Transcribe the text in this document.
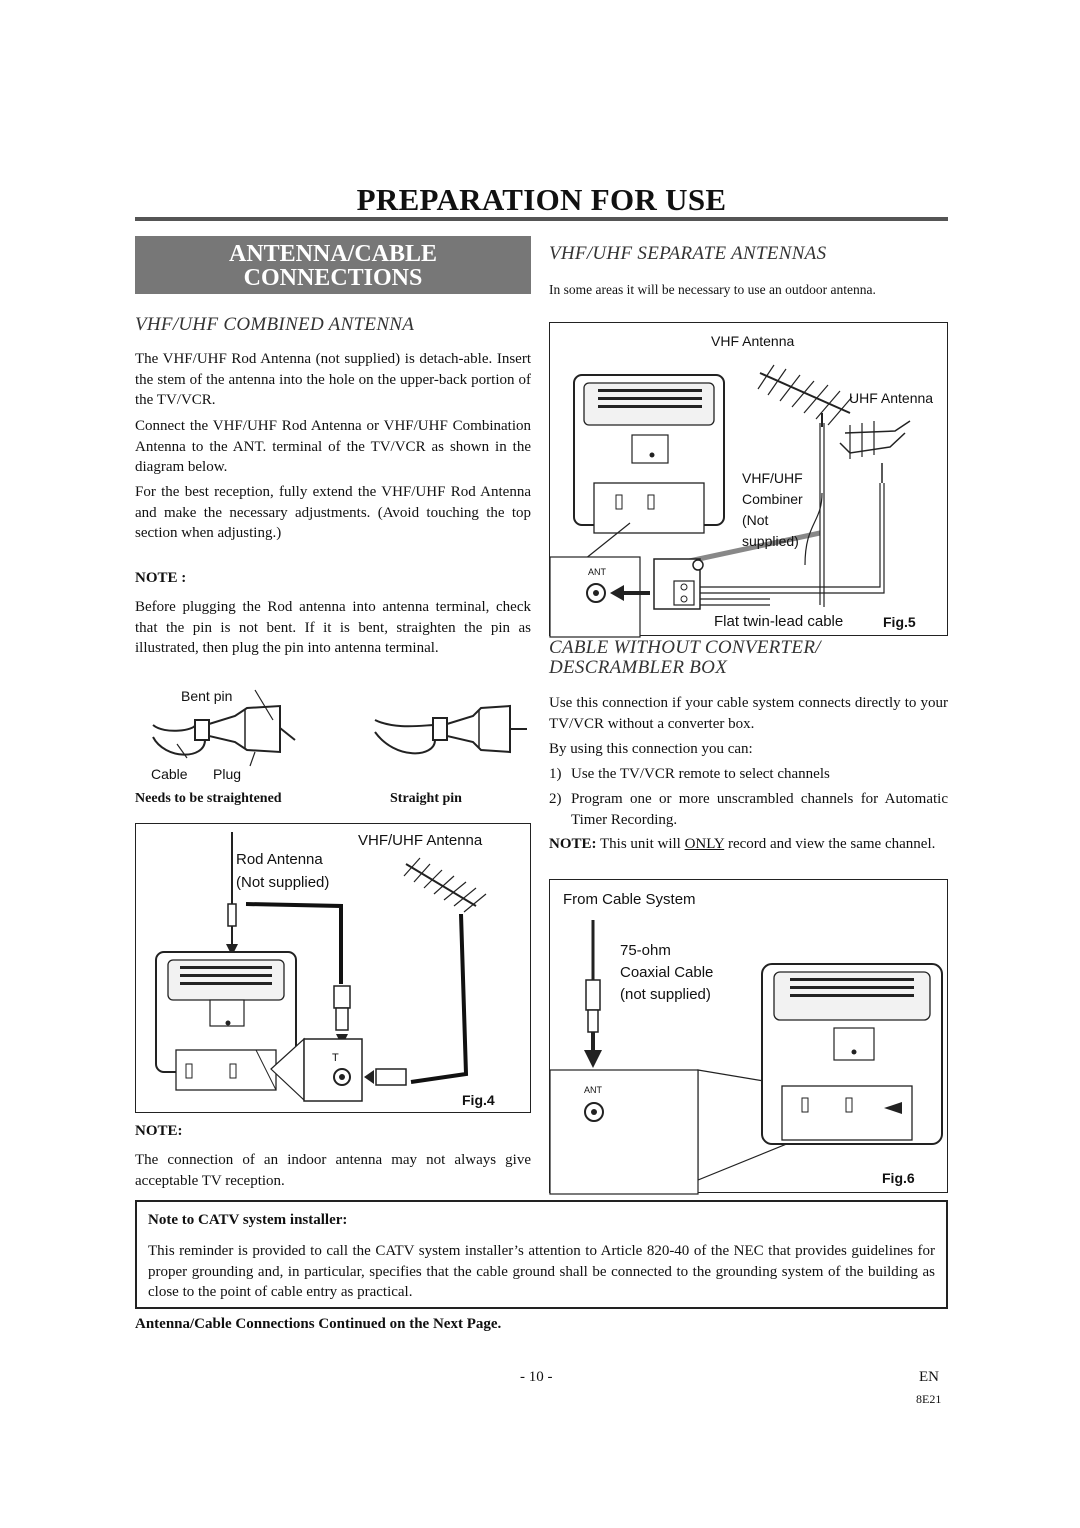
PREPARATION FOR USE
ANTENNA/CABLE
CONNECTIONS
VHF/UHF COMBINED ANTENNA
The VHF/UHF Rod Antenna (not supplied) is detach-able. Insert the stem of the antenna into the hole on the upper-back portion of the TV/VCR.
Connect the VHF/UHF Rod Antenna or VHF/UHF Combination Antenna to the ANT. terminal of the TV/VCR as shown in the diagram below.
For the best reception, fully extend the VHF/UHF Rod Antenna and make the necessary adjustments. (Avoid touching the top section when adjusting.)
NOTE :
Before plugging the Rod antenna into antenna terminal, check that the pin is not bent. If it is bent, straighten the pin as illustrated, then plug the pin into antenna terminal.
Bent pin
Cable Plug
Needs to be straightened	Straight pin
VHF/UHF Antenna
Rod Antenna
(Not supplied)
T
Fig.4
NOTE:
The connection of an indoor antenna may not always give acceptable TV reception.
VHF/UHF SEPARATE ANTENNAS
In some areas it will be necessary to use an outdoor antenna.
VHF Antenna
UHF Antenna
VHF/UHF
Combiner
(Not
supplied)
ANT
Flat twin-lead cable	Fig.5
CABLE WITHOUT CONVERTER/
DESCRAMBLER BOX
Use this connection if your cable system connects directly to your TV/VCR without a converter box.
By using this connection you can:
1) Use the TV/VCR remote to select channels
2) Program one or more unscrambled channels for Automatic Timer Recording.
NOTE: This unit will ONLY record and view the same channel.
From Cable System
75-ohm
Coaxial Cable
(not supplied)
ANT
Fig.6
Note to CATV system installer:
This reminder is provided to call the CATV system installer’s attention to Article 820-40 of the NEC that provides guidelines for proper grounding and, in particular, specifies that the cable ground shall be connected to the grounding system of the building as close to the point of cable entry as practical.
Antenna/Cable Connections Continued on the Next Page.
- 10 -	EN
8E21
